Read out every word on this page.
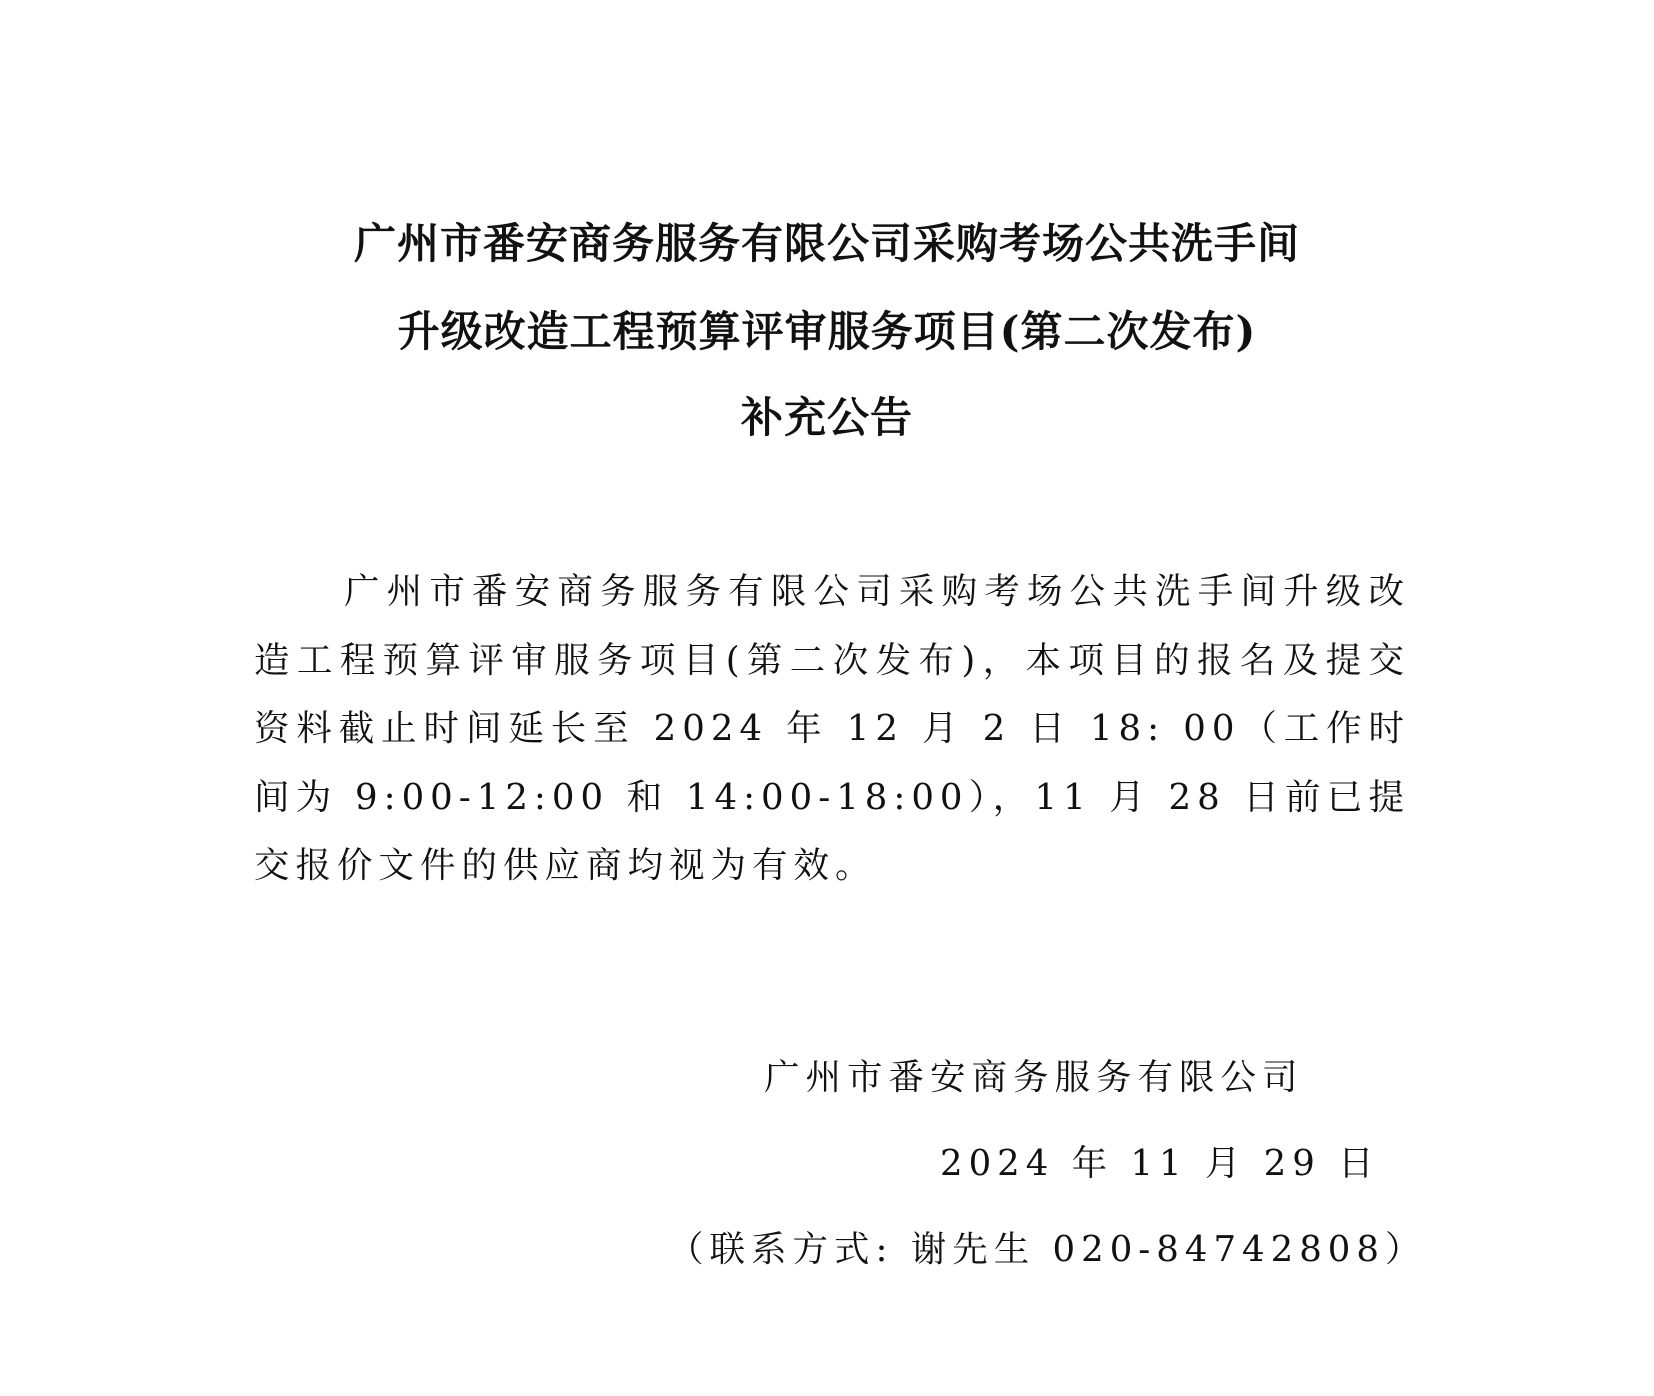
广州市番安商务服务有限公司采购考场公共洗手间
升级改造工程预算评审服务项目(第二次发布)
补充公告

广州市番安商务服务有限公司采购考场公共洗手间升级改造工程预算评审服务项目(第二次发布)，本项目的报名及提交资料截止时间延长至 2024 年 12 月 2 日 18: 00（工作时间为 9:00-12:00 和 14:00-18:00），11 月 28 日前已提交报价文件的供应商均视为有效。

广州市番安商务服务有限公司
2024 年 11 月 29 日
（联系方式: 谢先生 020-84742808）
